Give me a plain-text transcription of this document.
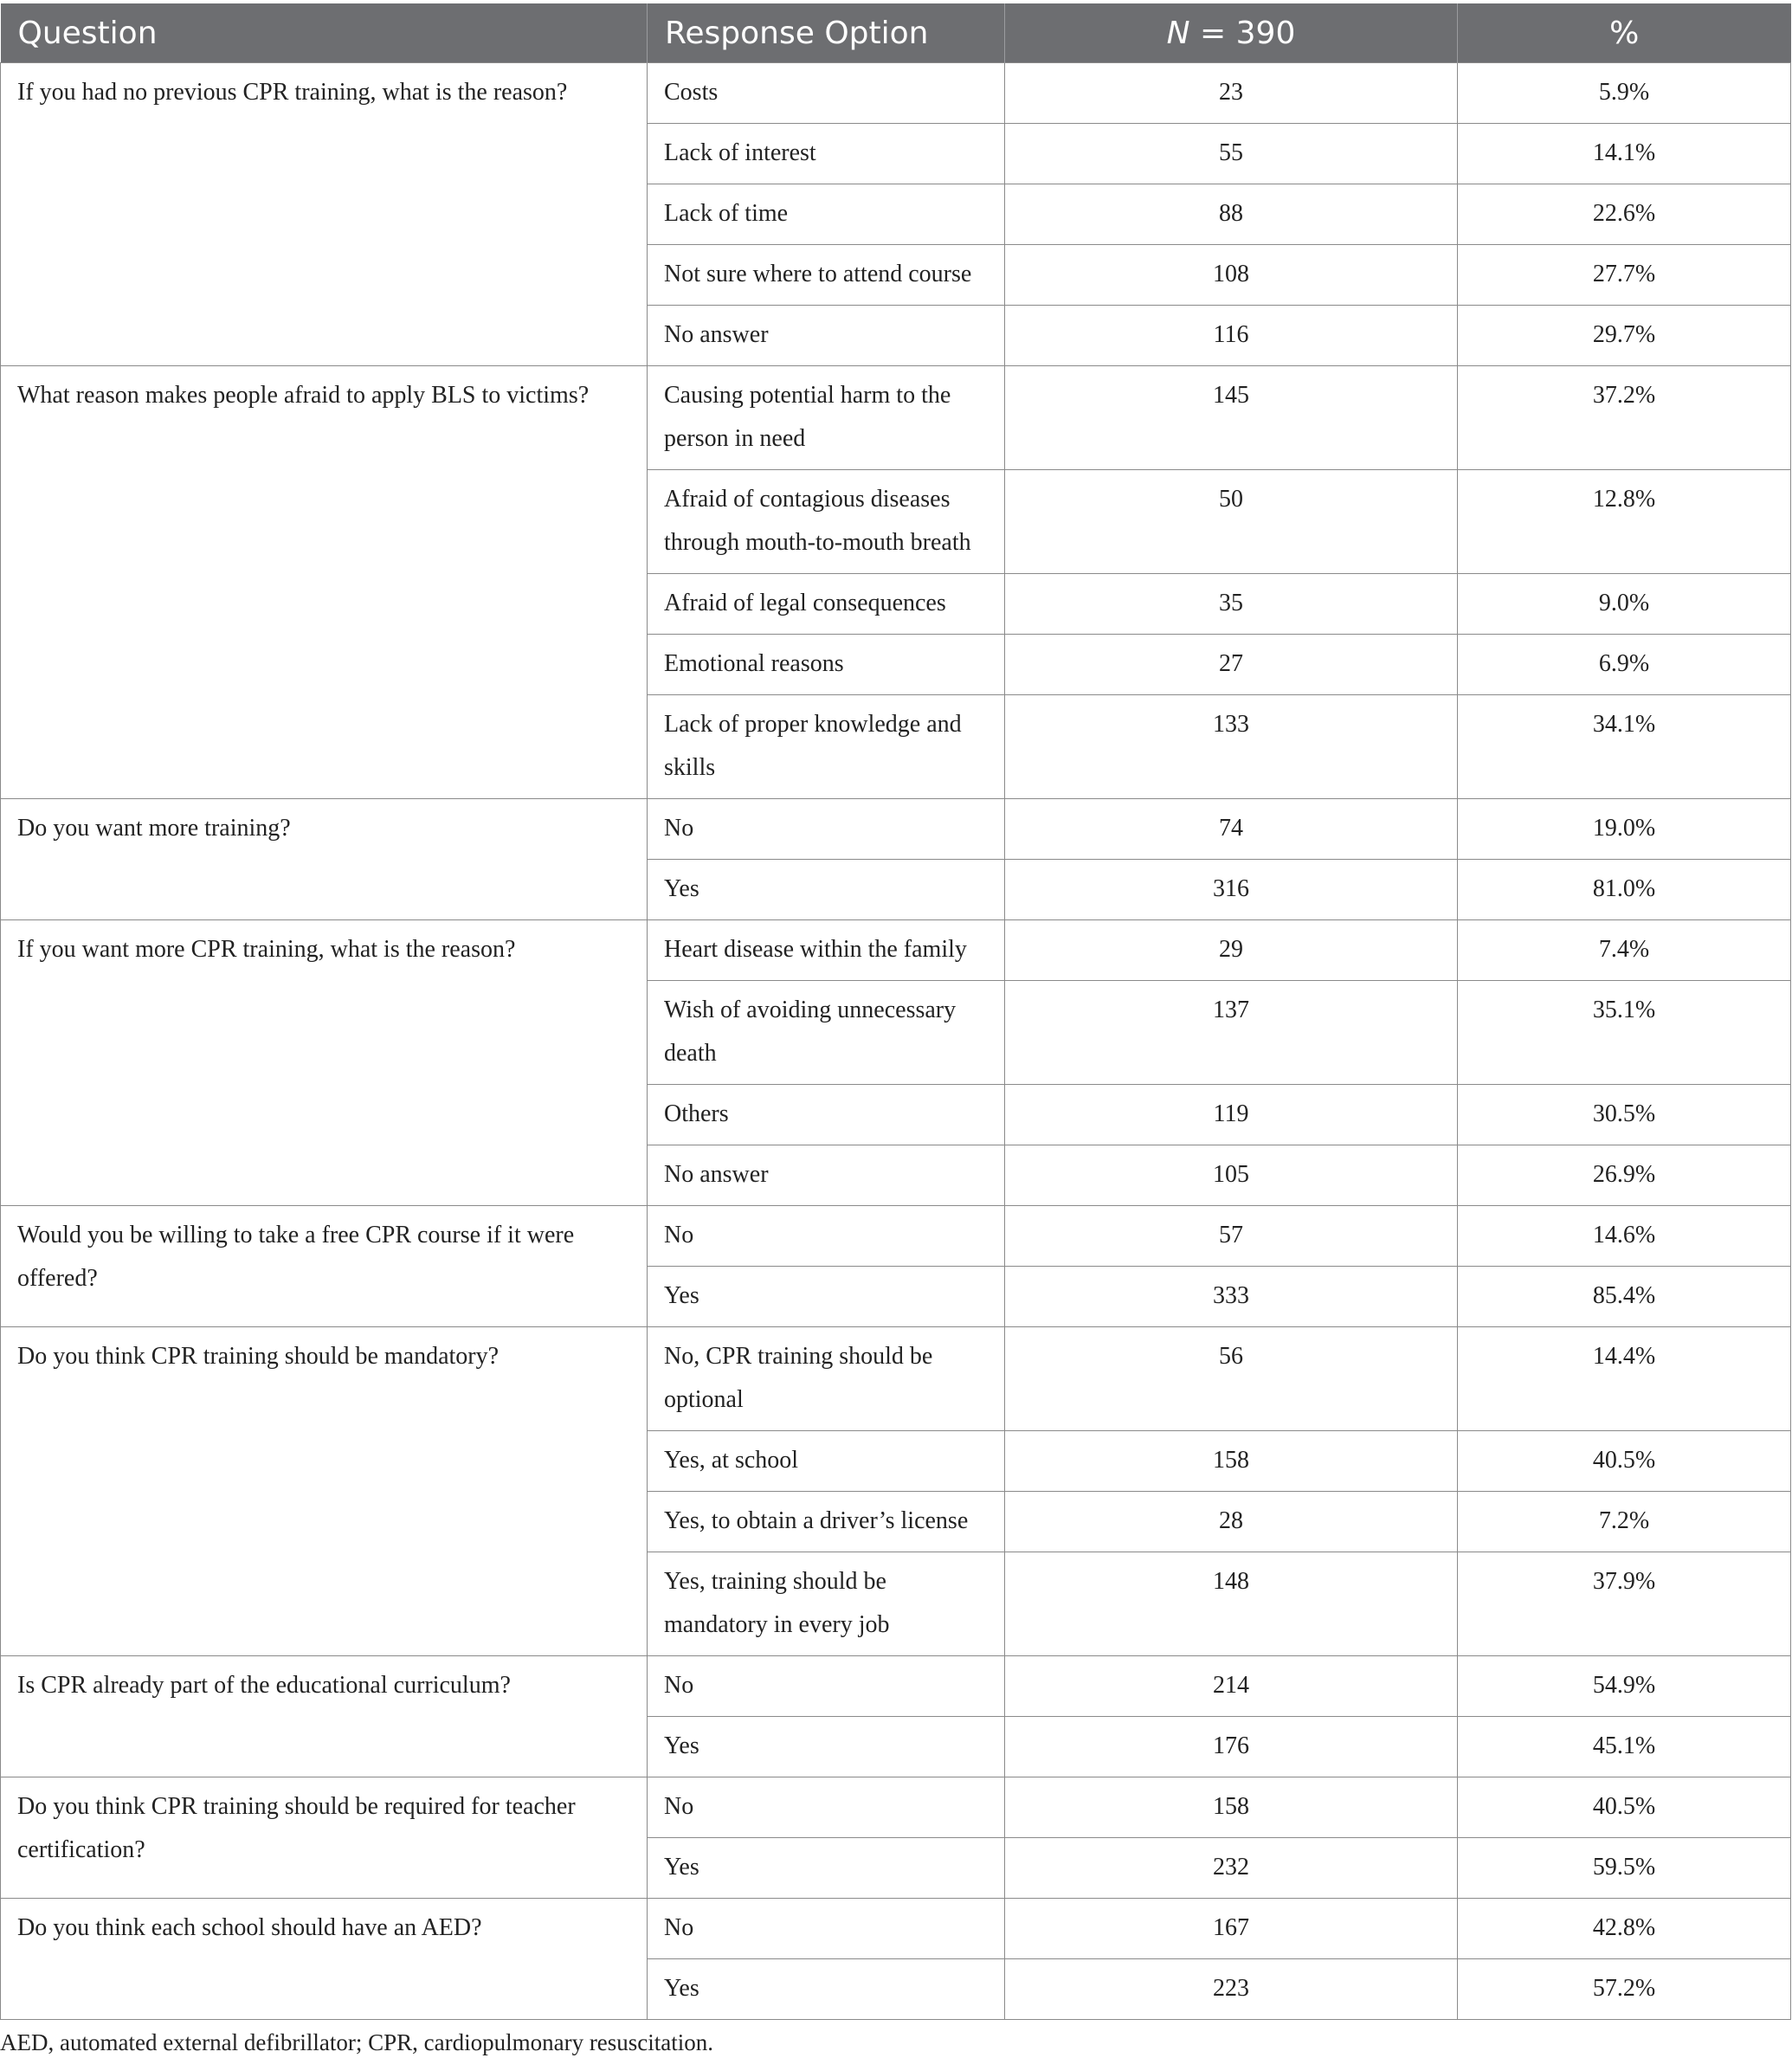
Question	Response Option	N = 390	%
If you had no previous CPR training, what is the reason?	Costs	23	5.9%
	Lack of interest	55	14.1%
	Lack of time	88	22.6%
	Not sure where to attend course	108	27.7%
	No answer	116	29.7%
What reason makes people afraid to apply BLS to victims?	Causing potential harm to the person in need	145	37.2%
	Afraid of contagious diseases through mouth-to-mouth breath	50	12.8%
	Afraid of legal consequences	35	9.0%
	Emotional reasons	27	6.9%
	Lack of proper knowledge and skills	133	34.1%
Do you want more training?	No	74	19.0%
	Yes	316	81.0%
If you want more CPR training, what is the reason?	Heart disease within the family	29	7.4%
	Wish of avoiding unnecessary death	137	35.1%
	Others	119	30.5%
	No answer	105	26.9%
Would you be willing to take a free CPR course if it were offered?	No	57	14.6%
	Yes	333	85.4%
Do you think CPR training should be mandatory?	No, CPR training should be optional	56	14.4%
	Yes, at school	158	40.5%
	Yes, to obtain a driver’s license	28	7.2%
	Yes, training should be mandatory in every job	148	37.9%
Is CPR already part of the educational curriculum?	No	214	54.9%
	Yes	176	45.1%
Do you think CPR training should be required for teacher certification?	No	158	40.5%
	Yes	232	59.5%
Do you think each school should have an AED?	No	167	42.8%
	Yes	223	57.2%
AED, automated external defibrillator; CPR, cardiopulmonary resuscitation.
